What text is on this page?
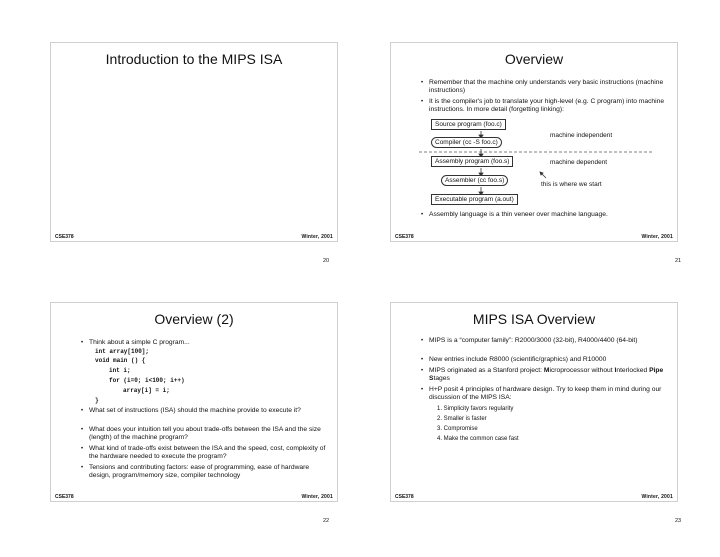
Introduction to the MIPS ISA
CSE378	Winter, 2001
20
Overview
• Remember that the machine only understands very basic instructions (machine instructions)
• It is the compiler's job to translate your high-level (e.g. C program) into machine instructions. In more detail (forgetting linking):
Source program (foo.c)
Compiler (cc -S foo.c)
Assembly program (foo.s)
Assembler (cc foo.s)
Executable program (a.out)
machine independent
machine dependent
this is where we start
• Assembly language is a thin veneer over machine language.
CSE378	Winter, 2001
21
Overview (2)
• Think about a simple C program...
int array[100];
void main () {
int i;
for (i=0; i<100; i++)
array[i] = i;
}
• What set of instructions (ISA) should the machine provide to execute it?
• What does your intuition tell you about trade-offs between the ISA and the size (length) of the machine program?
• What kind of trade-offs exist between the ISA and the speed, cost, complexity of the hardware needed to execute the program?
• Tensions and contributing factors: ease of programming, ease of hardware design, program/memory size, compiler technology
CSE378	Winter, 2001
22
MIPS ISA Overview
• MIPS is a “computer family”: R2000/3000 (32-bit), R4000/4400 (64-bit)
• New entries include R8000 (scientific/graphics) and R10000
• MIPS originated as a Stanford project: Microprocessor without Interlocked Pipe Stages
• H+P posit 4 principles of hardware design. Try to keep them in mind during our discussion of the MIPS ISA:
1. Simplicity favors regularity
2. Smaller is faster
3. Compromise
4. Make the common case fast
CSE378	Winter, 2001
23
